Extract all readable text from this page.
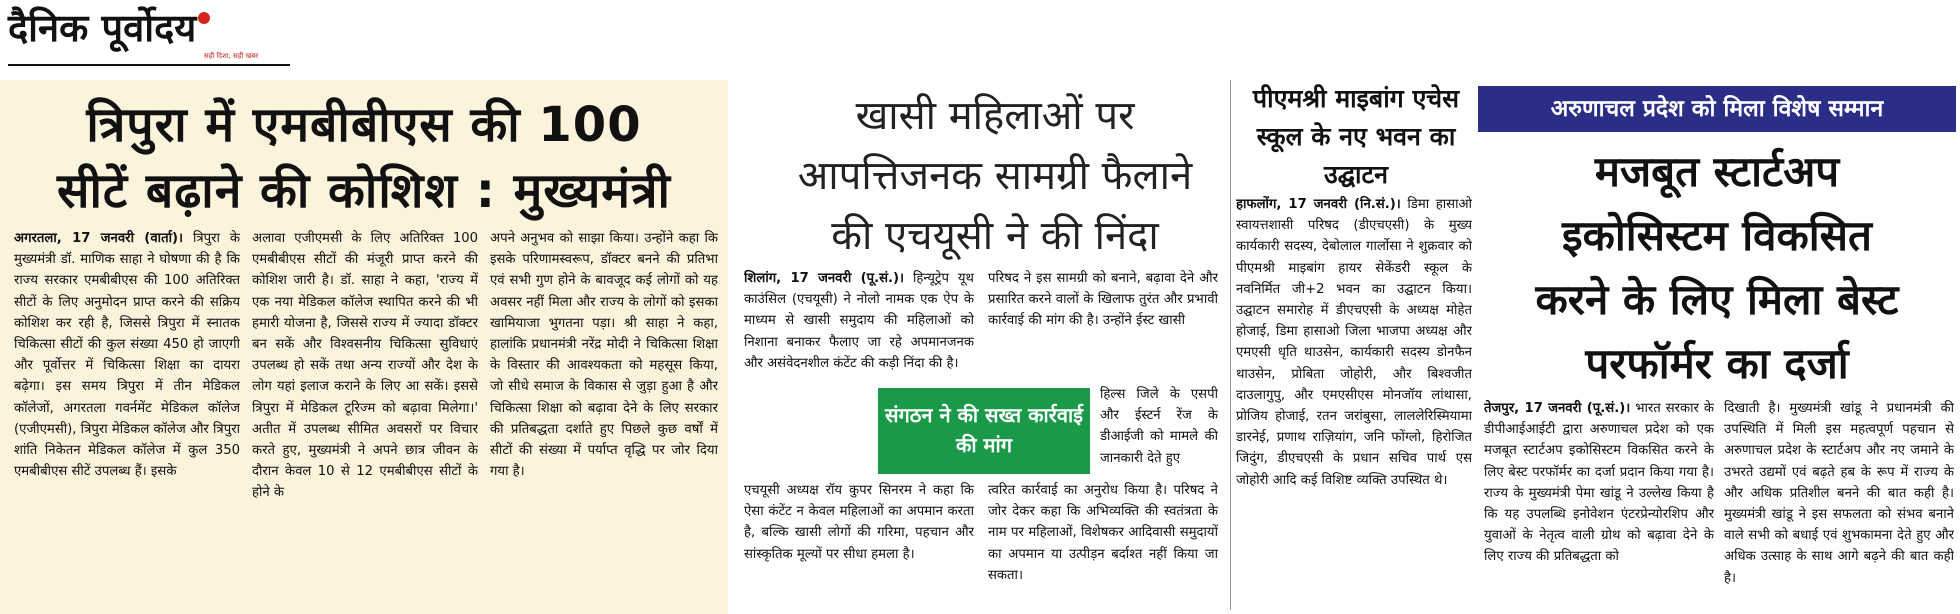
दैनिक पूर्वोदय
सही दिशा, सही खबर
त्रिपुरा में एमबीबीएस की 100
सीटें बढ़ाने की कोशिश : मुख्यमंत्री
अगरतला, 17 जनवरी (वार्ता)। त्रिपुरा के मुख्यमंत्री डॉ. माणिक साहा ने घोषणा की है कि राज्य सरकार एमबीबीएस की 100 अतिरिक्त सीटों के लिए अनुमोदन प्राप्त करने की सक्रिय कोशिश कर रही है, जिससे त्रिपुरा में स्नातक चिकित्सा सीटों की कुल संख्या 450 हो जाएगी और पूर्वोत्तर में चिकित्सा शिक्षा का दायरा बढ़ेगा। इस समय त्रिपुरा में तीन मेडिकल कॉलेजों, अगरतला गवर्नमेंट मेडिकल कॉलेज (एजीएमसी), त्रिपुरा मेडिकल कॉलेज और त्रिपुरा शांति निकेतन मेडिकल कॉलेज में कुल 350 एमबीबीएस सीटें उपलब्ध हैं। इसके
अलावा एजीएमसी के लिए अतिरिक्त 100 एमबीबीएस सीटों की मंजूरी प्राप्त करने की कोशिश जारी है। डॉ. साहा ने कहा, 'राज्य में एक नया मेडिकल कॉलेज स्थापित करने की भी हमारी योजना है, जिससे राज्य में ज्यादा डॉक्टर बन सकें और विश्वसनीय चिकित्सा सुविधाएं उपलब्ध हो सकें तथा अन्य राज्यों और देश के लोग यहां इलाज कराने के लिए आ सकें। इससे त्रिपुरा में मेडिकल टूरिज्म को बढ़ावा मिलेगा।' अतीत में उपलब्ध सीमित अवसरों पर विचार करते हुए, मुख्यमंत्री ने अपने छात्र जीवन के दौरान केवल 10 से 12 एमबीबीएस सीटों के होने के
अपने अनुभव को साझा किया। उन्होंने कहा कि इसके परिणामस्वरूप, डॉक्टर बनने की प्रतिभा एवं सभी गुण होने के बावजूद कई लोगों को यह अवसर नहीं मिला और राज्य के लोगों को इसका खामियाजा भुगतना पड़ा। श्री साहा ने कहा, हालांकि प्रधानमंत्री नरेंद्र मोदी ने चिकित्सा शिक्षा के विस्तार की आवश्यकता को महसूस किया, जो सीधे समाज के विकास से जुड़ा हुआ है और चिकित्सा शिक्षा को बढ़ावा देने के लिए सरकार की प्रतिबद्धता दर्शाते हुए पिछले कुछ वर्षों में सीटों की संख्या में पर्याप्त वृद्धि पर जोर दिया गया है।
खासी महिलाओं पर
आपत्तिजनक सामग्री फैलाने
की एचयूसी ने की निंदा
शिलांग, 17 जनवरी (पू.सं.)। हिन्यूट्रेप यूथ काउंसिल (एचयूसी) ने नोलो नामक एक ऐप के माध्यम से खासी समुदाय की महिलाओं को निशाना बनाकर फैलाए जा रहे अपमानजनक और असंवेदनशील कंटेंट की कड़ी निंदा की है।
एचयूसी अध्यक्ष रॉय कुपर सिनरम ने कहा कि ऐसा कंटेंट न केवल महिलाओं का अपमान करता है, बल्कि खासी लोगों की गरिमा, पहचान और सांस्कृतिक मूल्यों पर सीधा हमला है।
परिषद ने इस सामग्री को बनाने, बढ़ावा देने और प्रसारित करने वालों के खिलाफ तुरंत और प्रभावी कार्रवाई की मांग की है। उन्होंने ईस्ट खासी
हिल्स जिले के एसपी और ईस्टर्न रेंज के डीआईजी को मामले की जानकारी देते हुए
त्वरित कार्रवाई का अनुरोध किया है। परिषद ने जोर देकर कहा कि अभिव्यक्ति की स्वतंत्रता के नाम पर महिलाओं, विशेषकर आदिवासी समुदायों का अपमान या उत्पीड़न बर्दाश्त नहीं किया जा सकता।
संगठन ने की सख्त कार्रवाई की मांग
पीएमश्री माइबांग एचेस स्कूल के नए भवन का उद्घाटन
हाफलोंग, 17 जनवरी (नि.सं.)। डिमा हासाओ स्वायत्तशासी परिषद (डीएचएसी) के मुख्य कार्यकारी सदस्य, देबोलाल गार्लोसा ने शुक्रवार को पीएमश्री माइबांग हायर सेकेंडरी स्कूल के नवनिर्मित जी+2 भवन का उद्घाटन किया। उद्घाटन समारोह में डीएचएसी के अध्यक्ष मोहेत होजाई, डिमा हासाओ जिला भाजपा अध्यक्ष और एमएसी धृति थाउसेन, कार्यकारी सदस्य डोनफैन थाउसेन, प्रोबिता जोहोरी, और बिश्वजीत दाउलागुपु, और एमएसीएस मोनजॉय लांथासा, प्रोजिय होजाई, रतन जरांबुसा, लाललेरिस्मियामा डारनेई, प्रणाथ राज़ियांग, जनि फोंग्लो, हिरोजित जिदुंग, डीएचएसी के प्रधान सचिव पार्थ एस जोहोरी आदि कई विशिष्ट व्यक्ति उपस्थित थे।
अरुणाचल प्रदेश को मिला विशेष सम्मान
मजबूत स्टार्टअप
इकोसिस्टम विकसित
करने के लिए मिला बेस्ट
परफॉर्मर का दर्जा
तेजपुर, 17 जनवरी (पू.सं.)। भारत सरकार के डीपीआईआईटी द्वारा अरुणाचल प्रदेश को एक मजबूत स्टार्टअप इकोसिस्टम विकसित करने के लिए बेस्ट परफॉर्मर का दर्जा प्रदान किया गया है। राज्य के मुख्यमंत्री पेमा खांडू ने उल्लेख किया है कि यह उपलब्धि इनोवेशन एंटरप्रेन्योरशिप और युवाओं के नेतृत्व वाली ग्रोथ को बढ़ावा देने के लिए राज्य की प्रतिबद्धता को
दिखाती है। मुख्यमंत्री खांडू ने प्रधानमंत्री की उपस्थिति में मिली इस महत्वपूर्ण पहचान से अरुणाचल प्रदेश के स्टार्टअप और नए जमाने के उभरते उद्यमों एवं बढ़ते हब के रूप में राज्य के और अधिक प्रतिशील बनने की बात कही है। मुख्यमंत्री खांडू ने इस सफलता को संभव बनाने वाले सभी को बधाई एवं शुभकामना देते हुए और अधिक उत्साह के साथ आगे बढ़ने की बात कही है।
